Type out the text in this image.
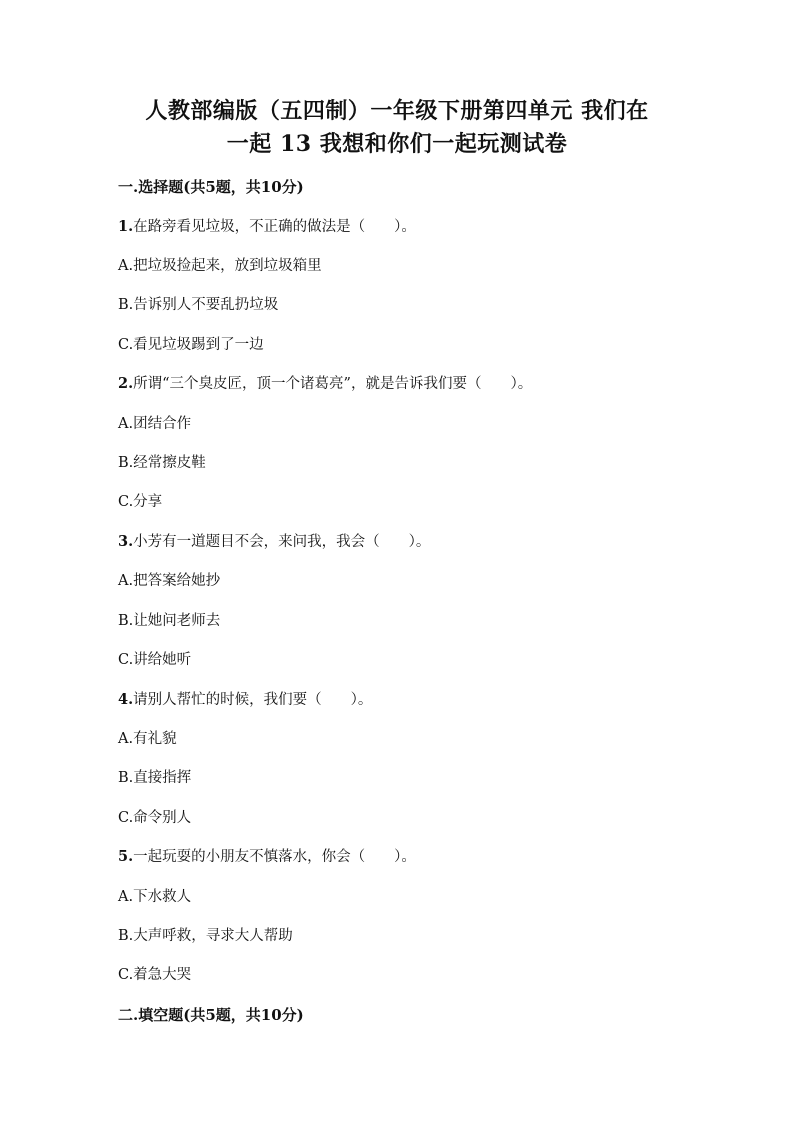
人教部编版（五四制）一年级下册第四单元 我们在
一起 13 我想和你们一起玩测试卷
一.选择题(共5题，共10分)
1.在路旁看见垃圾，不正确的做法是（　　）。
A.把垃圾捡起来，放到垃圾箱里
B.告诉别人不要乱扔垃圾
C.看见垃圾踢到了一边
2.所谓“三个臭皮匠，顶一个诸葛亮”，就是告诉我们要（　　）。
A.团结合作
B.经常擦皮鞋
C.分享
3.小芳有一道题目不会，来问我，我会（　　）。
A.把答案给她抄
B.让她问老师去
C.讲给她听
4.请别人帮忙的时候，我们要（　　）。
A.有礼貌
B.直接指挥
C.命令别人
5.一起玩耍的小朋友不慎落水，你会（　　）。
A.下水救人
B.大声呼救，寻求大人帮助
C.着急大哭
二.填空题(共5题，共10分)
